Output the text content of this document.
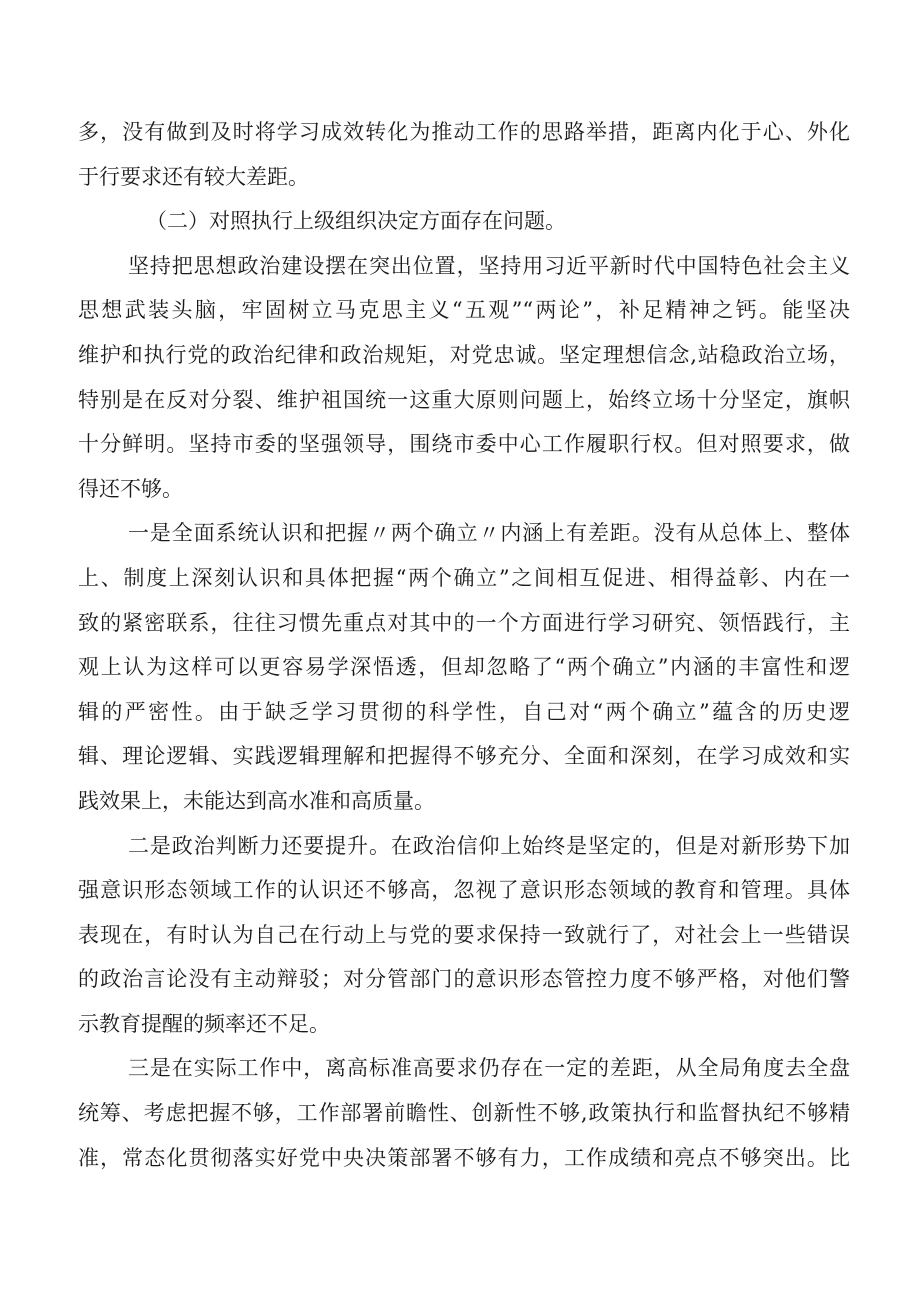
多，没有做到及时将学习成效转化为推动工作的思路举措，距离内化于心、外化
于行要求还有较大差距。
（二）对照执行上级组织决定方面存在问题。
坚持把思想政治建设摆在突出位置，坚持用习近平新时代中国特色社会主义
思想武装头脑，牢固树立马克思主义“五观”“两论”，补足精神之钙。能坚决
维护和执行党的政治纪律和政治规矩，对党忠诚。坚定理想信念,站稳政治立场，
特别是在反对分裂、维护祖国统一这重大原则问题上，始终立场十分坚定，旗帜
十分鲜明。坚持市委的坚强领导，围绕市委中心工作履职行权。但对照要求，做
得还不够。
一是全面系统认识和把握〃两个确立〃内涵上有差距。没有从总体上、整体
上、制度上深刻认识和具体把握“两个确立”之间相互促进、相得益彰、内在一
致的紧密联系，往往习惯先重点对其中的一个方面进行学习研究、领悟践行，主
观上认为这样可以更容易学深悟透，但却忽略了“两个确立”内涵的丰富性和逻
辑的严密性。由于缺乏学习贯彻的科学性，自己对“两个确立”蕴含的历史逻
辑、理论逻辑、实践逻辑理解和把握得不够充分、全面和深刻，在学习成效和实
践效果上，未能达到高水准和高质量。
二是政治判断力还要提升。在政治信仰上始终是坚定的，但是对新形势下加
强意识形态领域工作的认识还不够高，忽视了意识形态领域的教育和管理。具体
表现在，有时认为自己在行动上与党的要求保持一致就行了，对社会上一些错误
的政治言论没有主动辩驳；对分管部门的意识形态管控力度不够严格，对他们警
示教育提醒的频率还不足。
三是在实际工作中，离高标准高要求仍存在一定的差距，从全局角度去全盘
统筹、考虑把握不够，工作部署前瞻性、创新性不够,政策执行和监督执纪不够精
准，常态化贯彻落实好党中央决策部署不够有力，工作成绩和亮点不够突出。比
